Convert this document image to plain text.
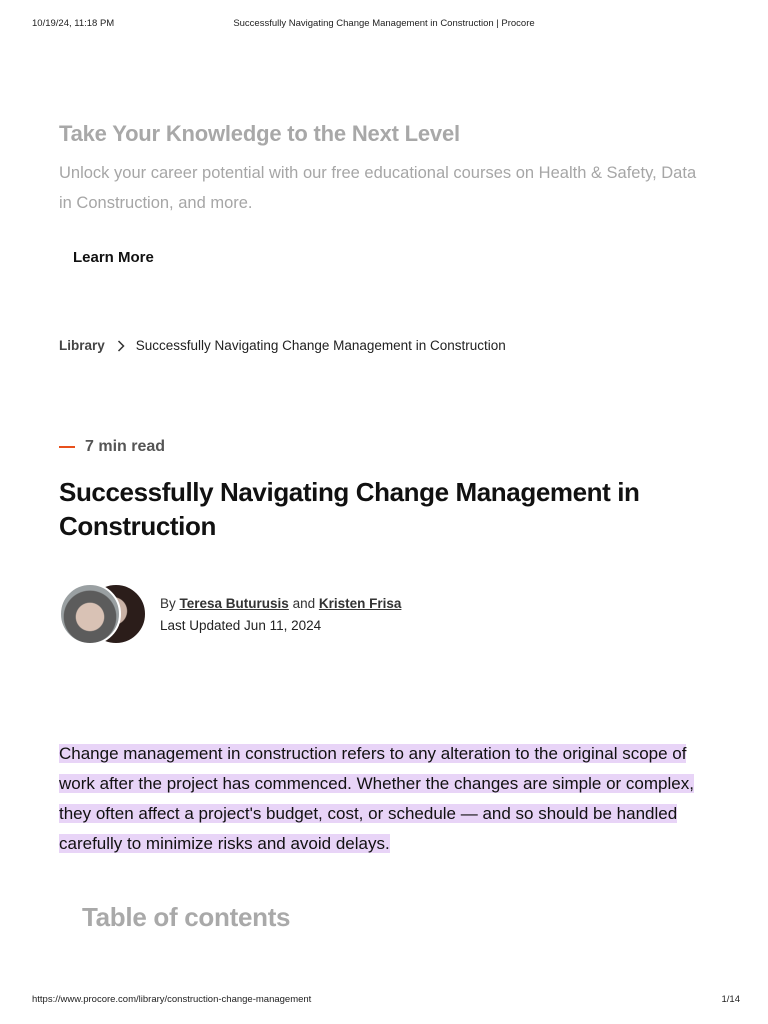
10/19/24, 11:18 PM	Successfully Navigating Change Management in Construction | Procore
Take Your Knowledge to the Next Level
Unlock your career potential with our free educational courses on Health & Safety, Data in Construction, and more.
Learn More
Library Successfully Navigating Change Management in Construction
7 min read
Successfully Navigating Change Management in Construction
By Teresa Buturusis and Kristen Frisa
Last Updated Jun 11, 2024

Change management in construction refers to any alteration to the original scope of work after the project has commenced. Whether the changes are simple or complex, they often affect a project's budget, cost, or schedule — and so should be handled carefully to minimize risks and avoid delays.

Table of contents
https://www.procore.com/library/construction-change-management	1/14
